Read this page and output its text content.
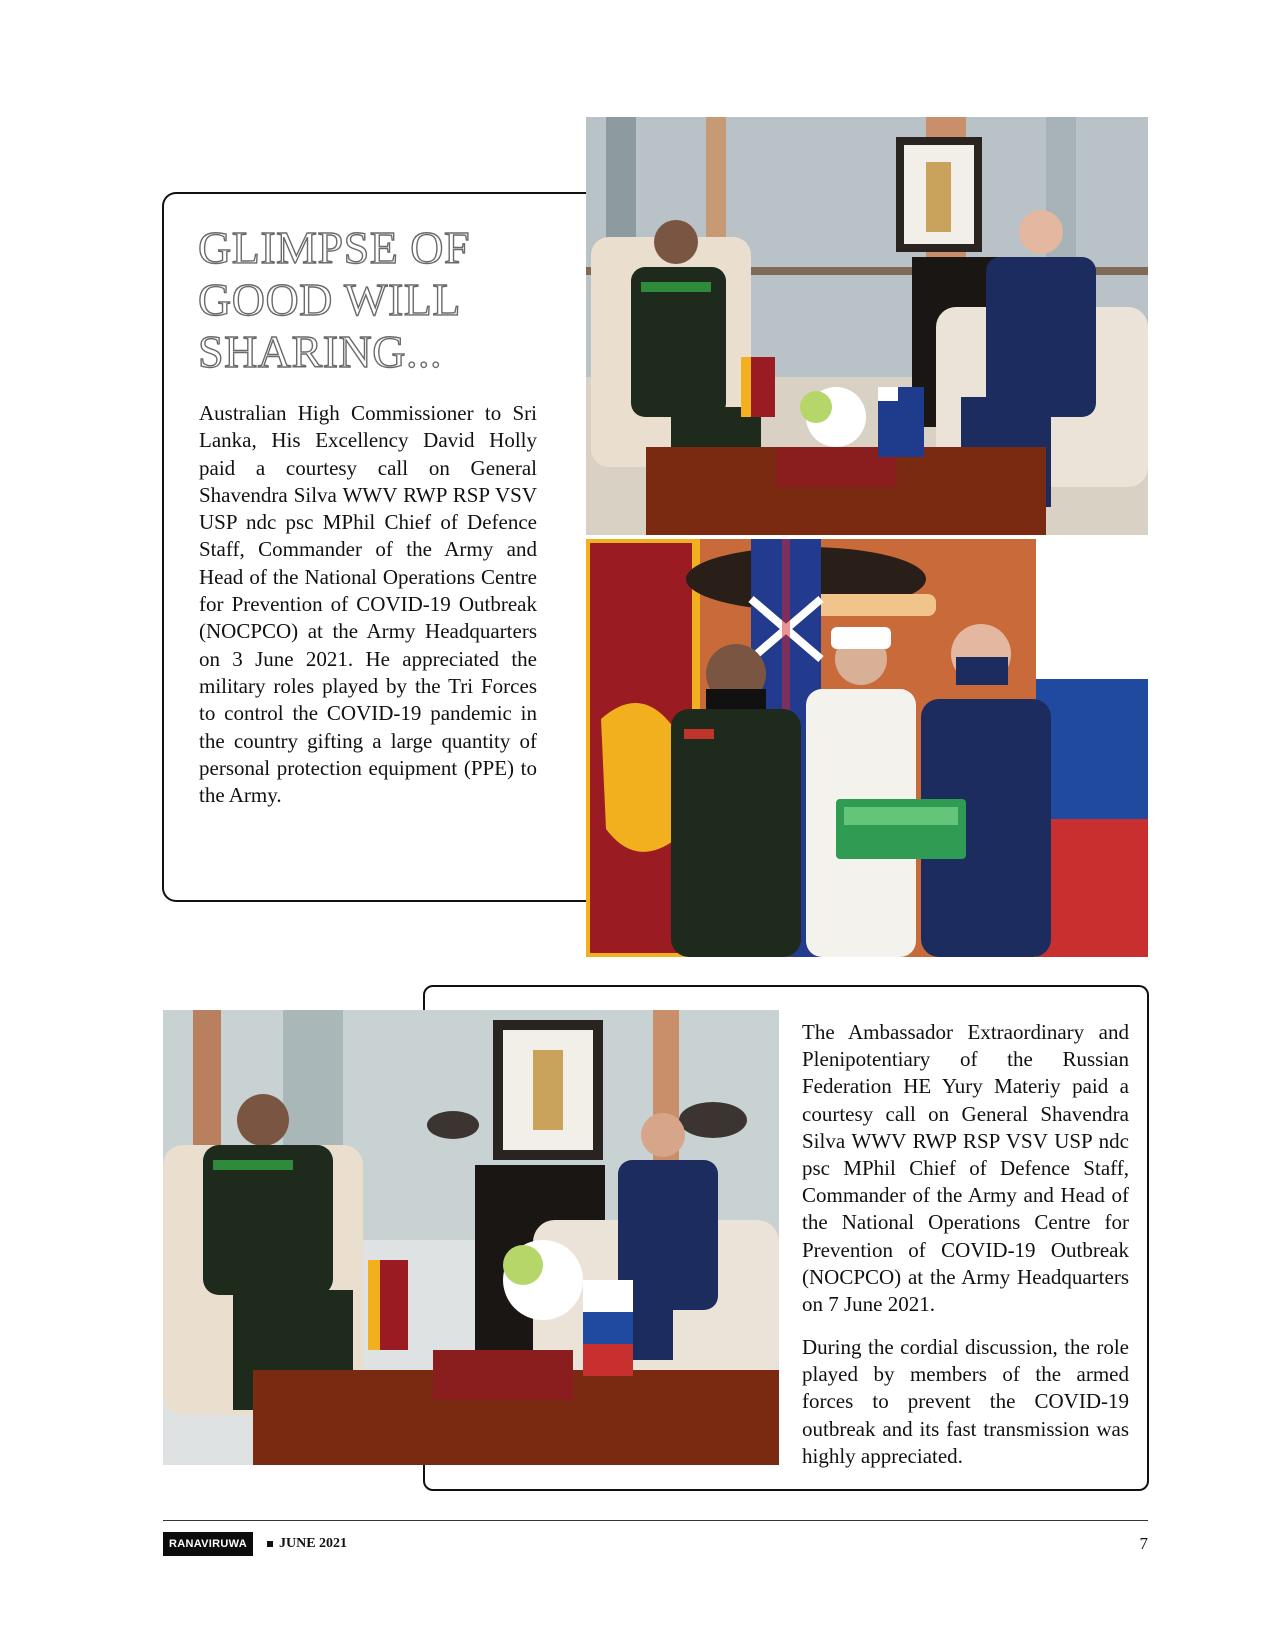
GLIMPSE OF
GOOD WILL
SHARING...

Australian High Commissioner to Sri Lanka, His Excellency David Holly paid a courtesy call on General Shavendra Silva WWV RWP RSP VSV USP ndc psc MPhil Chief of Defence Staff, Commander of the Army and Head of the National Operations Centre for Prevention of COVID-19 Outbreak (NOCPCO) at the Army Headquarters on 3 June 2021. He appreciated the military roles played by the Tri Forces to control the COVID-19 pandemic in the country gifting a large quantity of personal protection equipment (PPE) to the Army.

The Ambassador Extraordinary and Plenipotentiary of the Russian Federation HE Yury Materiy paid a courtesy call on General Shavendra Silva WWV RWP RSP VSV USP ndc psc MPhil Chief of Defence Staff, Commander of the Army and Head of the National Operations Centre for Prevention of COVID-19 Outbreak (NOCPCO) at the Army Headquarters on 7 June 2021.

During the cordial discussion, the role played by members of the armed forces to prevent the COVID-19 outbreak and its fast transmission was highly appreciated.

RANAVIRUWA	JUNE 2021	7
